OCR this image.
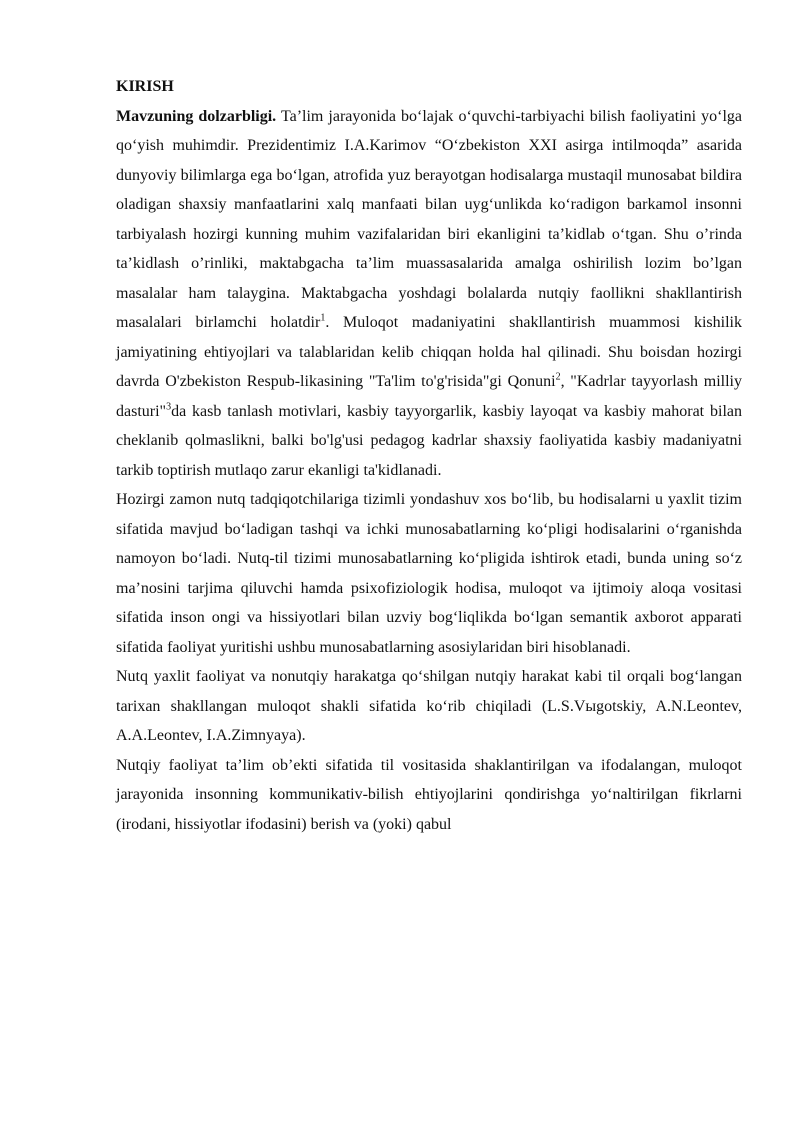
KIRISH

Mavzuning dolzarbligi. Ta’lim jarayonida bo‘lajak o‘quvchi-tarbiyachi bilish faoliyatini yo‘lga qo‘yish muhimdir. Prezidentimiz I.A.Karimov “O‘zbekiston XXI asirga intilmoqda” asarida dunyoviy bilimlarga ega bo‘lgan, atrofida yuz berayotgan hodisalarga mustaqil munosabat bildira oladigan shaxsiy manfaatlarini xalq manfaati bilan uyg‘unlikda ko‘radigon barkamol insonni tarbiyalash hozirgi kunning muhim vazifalaridan biri ekanligini ta’kidlab o‘tgan. Shu o’rinda ta’kidlash o’rinliki, maktabgacha ta’lim muassasalarida amalga oshirilish lozim bo’lgan masalalar ham talaygina. Maktabgacha yoshdagi bolalarda nutqiy faollikni shakllantirish masalalari birlamchi holatdir$^1$. Muloqot madaniyatini shakllantirish muammosi kishilik jamiyatining ehtiyojlari va talablaridan kelib chiqqan holda hal qilinadi. Shu boisdan hozirgi davrda O'zbekiston Respub-likasining "Ta'lim to'g'risida"gi Qonuni$^2$, "Kadrlar tayyorlash milliy dasturi"$^3$da kasb tanlash motivlari, kasbiy tayyorgarlik, kasbiy layoqat va kasbiy mahorat bilan cheklanib qolmaslikni, balki bo'lg'usi pedagog kadrlar shaxsiy faoliyatida kasbiy madaniyatni tarkib toptirish mutlaqo zarur ekanligi ta'kidlanadi.

Hozirgi zamon nutq tadqiqotchilariga tizimli yondashuv xos bo‘lib, bu hodisalarni u yaxlit tizim sifatida mavjud bo‘ladigan tashqi va ichki munosabatlarning ko‘pligi hodisalarini o‘rganishda namoyon bo‘ladi. Nutq-til tizimi munosabatlarning ko‘pligida ishtirok etadi, bunda uning so‘z ma’nosini tarjima qiluvchi hamda psixofiziologik hodisa, muloqot va ijtimoiy aloqa vositasi sifatida inson ongi va hissiyotlari bilan uzviy bog‘liqlikda bo‘lgan semantik axborot apparati sifatida faoliyat yuritishi ushbu munosabatlarning asosiylaridan biri hisoblanadi.

Nutq yaxlit faoliyat va nonutqiy harakatga qo‘shilgan nutqiy harakat kabi til orqali bog‘langan tarixan shakllangan muloqot shakli sifatida ko‘rib chiqiladi (L.S.Vыgotskiy, A.N.Leontev, A.A.Leontev, I.A.Zimnyaya).

Nutqiy faoliyat ta’lim ob’ekti sifatida til vositasida shaklantirilgan va ifodalangan, muloqot jarayonida insonning kommunikativ-bilish ehtiyojlarini qondirishga yo‘naltirilgan fikrlarni (irodani, hissiyotlar ifodasini) berish va (yoki) qabul
